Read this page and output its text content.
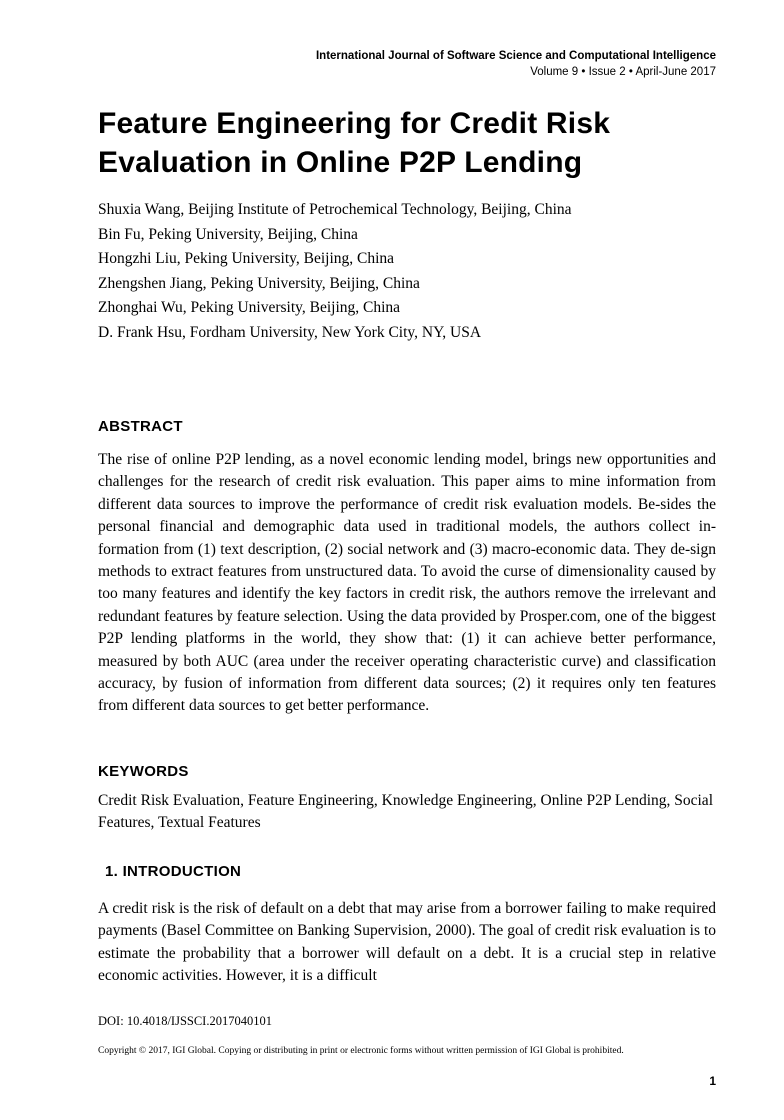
International Journal of Software Science and Computational Intelligence
Volume 9 • Issue 2 • April-June 2017
Feature Engineering for Credit Risk Evaluation in Online P2P Lending
Shuxia Wang, Beijing Institute of Petrochemical Technology, Beijing, China
Bin Fu, Peking University, Beijing, China
Hongzhi Liu, Peking University, Beijing, China
Zhengshen Jiang, Peking University, Beijing, China
Zhonghai Wu, Peking University, Beijing, China
D. Frank Hsu, Fordham University, New York City, NY, USA
ABSTRACT
The rise of online P2P lending, as a novel economic lending model, brings new opportunities and challenges for the research of credit risk evaluation. This paper aims to mine information from different data sources to improve the performance of credit risk evaluation models. Be-sides the personal financial and demographic data used in traditional models, the authors collect in-formation from (1) text description, (2) social network and (3) macro-economic data. They de-sign methods to extract features from unstructured data. To avoid the curse of dimensionality caused by too many features and identify the key factors in credit risk, the authors remove the irrelevant and redundant features by feature selection. Using the data provided by Prosper.com, one of the biggest P2P lending platforms in the world, they show that: (1) it can achieve better performance, measured by both AUC (area under the receiver operating characteristic curve) and classification accuracy, by fusion of information from different data sources; (2) it requires only ten features from different data sources to get better performance.
KEYWORDS
Credit Risk Evaluation, Feature Engineering, Knowledge Engineering, Online P2P Lending, Social Features, Textual Features
1. INTRODUCTION
A credit risk is the risk of default on a debt that may arise from a borrower failing to make required payments (Basel Committee on Banking Supervision, 2000). The goal of credit risk evaluation is to estimate the probability that a borrower will default on a debt. It is a crucial step in relative economic activities. However, it is a difficult
DOI: 10.4018/IJSSCI.2017040101
Copyright © 2017, IGI Global. Copying or distributing in print or electronic forms without written permission of IGI Global is prohibited.
1
